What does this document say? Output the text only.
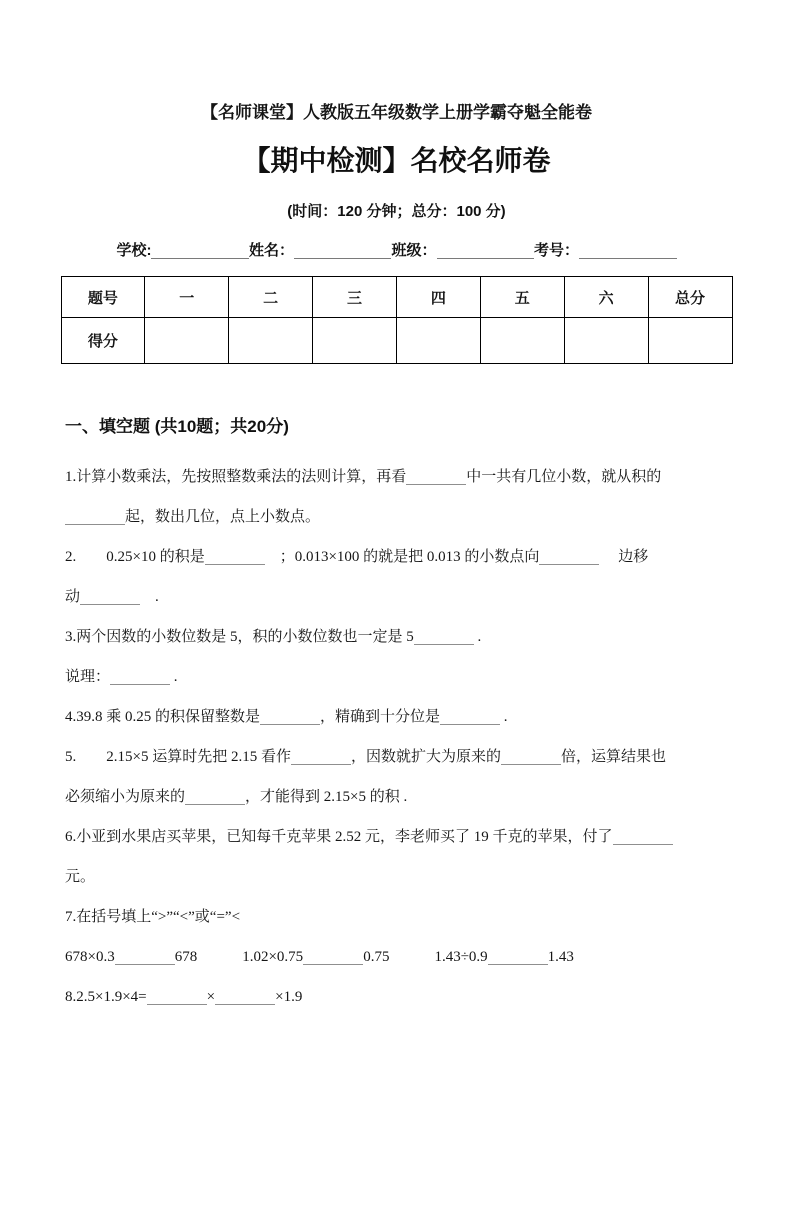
【名师课堂】人教版五年级数学上册学霸夺魁全能卷
【期中检测】名校名师卷
(时间：120 分钟；总分：100 分)
学校:	姓名：	班级：	考号：
题号	一	二	三	四	五	六	总分
得分							
一、填空题 (共10题；共20分)
1.计算小数乘法，先按照整数乘法的法则计算，再看	中一共有几位小数，就从积的
起，数出几位，点上小数点。
2.　　0.25×10 的积是	　；0.013×100 的就是把 0.013 的小数点向	　 边移
动	　.
3.两个因数的小数位数是 5，积的小数位数也一定是 5	.
说理：	.
4.39.8 乘 0.25 的积保留整数是	，精确到十分位是	.
5.　　2.15×5 运算时先把 2.15 看作	，因数就扩大为原来的	倍，运算结果也
必须缩小为原来的	，才能得到 2.15×5 的积 .
6.小亚到水果店买苹果，已知每千克苹果 2.52 元，李老师买了 19 千克的苹果，付了
元。
7.在括号填上“>”“<”或“=”<
678×0.3	678　　　1.02×0.75	0.75　　　1.43÷0.9	1.43
8.2.5×1.9×4=	×	×1.9
